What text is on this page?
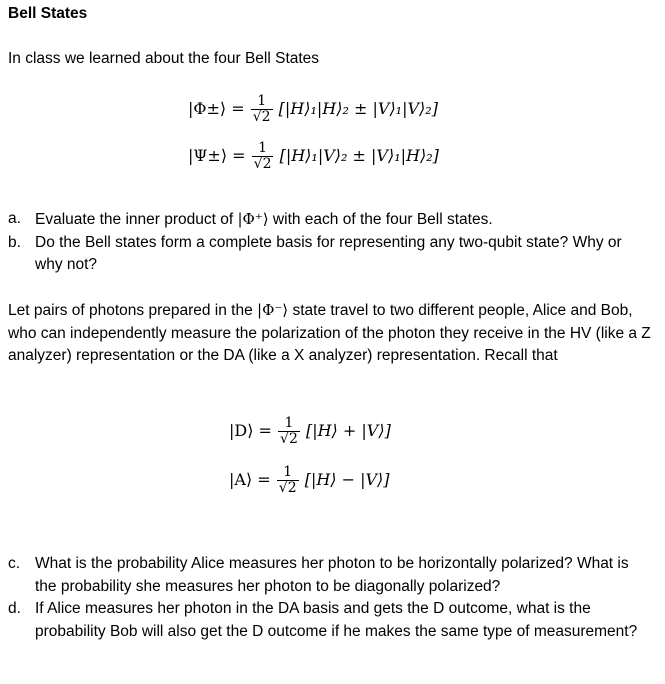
Bell States
In class we learned about the four Bell States
|Φ±⟩ = $\frac{1}{√2}$ [|H⟩₁|H⟩₂ ± |V⟩₁|V⟩₂]
|Ψ±⟩ = $\frac{1}{√2}$ [|H⟩₁|V⟩₂ ± |V⟩₁|H⟩₂]
a. Evaluate the inner product of |Φ⁺⟩ with each of the four Bell states.
b. Do the Bell states form a complete basis for representing any two-qubit state? Why or why not?
Let pairs of photons prepared in the |Φ⁻⟩ state travel to two different people, Alice and Bob, who can independently measure the polarization of the photon they receive in the HV (like a Z analyzer) representation or the DA (like a X analyzer) representation. Recall that
|D⟩ = $\frac{1}{√2}$ [|H⟩ + |V⟩]
|A⟩ = $\frac{1}{√2}$ [|H⟩ − |V⟩]
c. What is the probability Alice measures her photon to be horizontally polarized? What is the probability she measures her photon to be diagonally polarized?
d. If Alice measures her photon in the DA basis and gets the D outcome, what is the probability Bob will also get the D outcome if he makes the same type of measurement?
